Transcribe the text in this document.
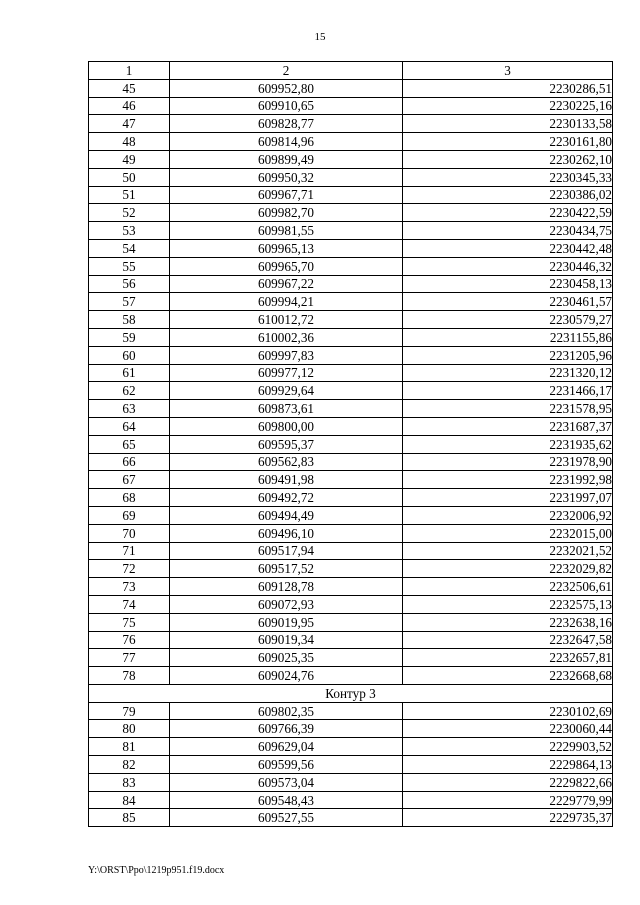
15
1	2	3
45	609952,80	2230286,51
46	609910,65	2230225,16
47	609828,77	2230133,58
48	609814,96	2230161,80
49	609899,49	2230262,10
50	609950,32	2230345,33
51	609967,71	2230386,02
52	609982,70	2230422,59
53	609981,55	2230434,75
54	609965,13	2230442,48
55	609965,70	2230446,32
56	609967,22	2230458,13
57	609994,21	2230461,57
58	610012,72	2230579,27
59	610002,36	2231155,86
60	609997,83	2231205,96
61	609977,12	2231320,12
62	609929,64	2231466,17
63	609873,61	2231578,95
64	609800,00	2231687,37
65	609595,37	2231935,62
66	609562,83	2231978,90
67	609491,98	2231992,98
68	609492,72	2231997,07
69	609494,49	2232006,92
70	609496,10	2232015,00
71	609517,94	2232021,52
72	609517,52	2232029,82
73	609128,78	2232506,61
74	609072,93	2232575,13
75	609019,95	2232638,16
76	609019,34	2232647,58
77	609025,35	2232657,81
78	609024,76	2232668,68
Контур 3		
79	609802,35	2230102,69
80	609766,39	2230060,44
81	609629,04	2229903,52
82	609599,56	2229864,13
83	609573,04	2229822,66
84	609548,43	2229779,99
85	609527,55	2229735,37
Y:\ORST\Ppo\1219p951.f19.docx
